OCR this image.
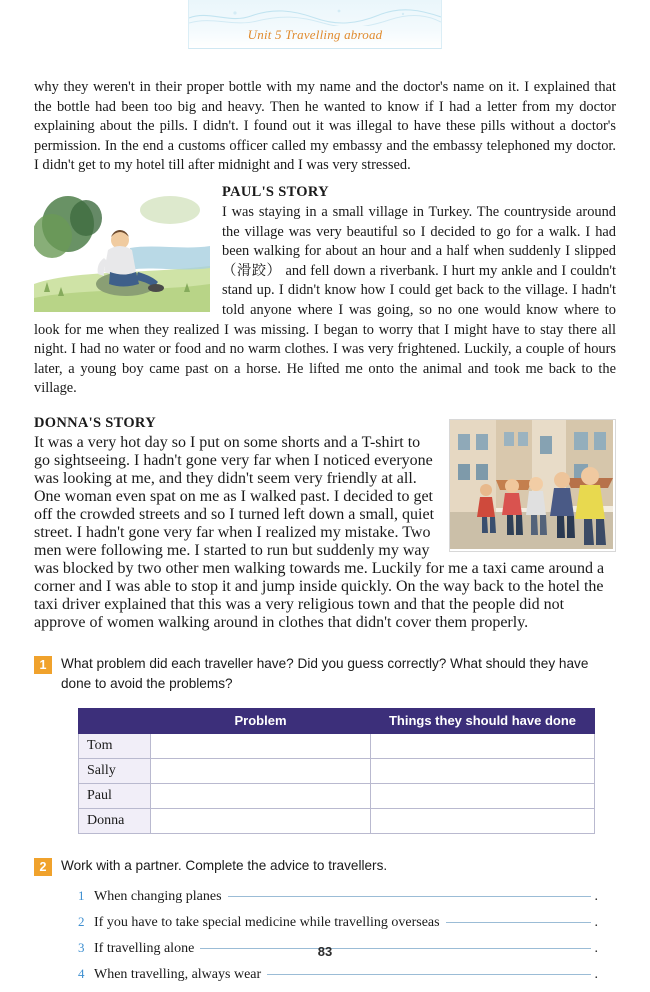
Unit 5 Travelling abroad

why they weren't in their proper bottle with my name and the doctor's name on it. I explained that the bottle had been too big and heavy. Then he wanted to know if I had a letter from my doctor explaining about the pills. I didn't. I found out it was illegal to have these pills without a doctor's permission. In the end a customs officer called my embassy and the embassy telephoned my doctor. I didn't get to my hotel till after midnight and I was very stressed.

PAUL'S STORY
I was staying in a small village in Turkey. The countryside around the village was very beautiful so I decided to go for a walk. I had been walking for about an hour and a half when suddenly I slipped （滑跤） and fell down a riverbank. I hurt my ankle and I couldn't stand up. I didn't know how I could get back to the village. I hadn't told anyone where I was going, so no one would know where to look for me when they realized I was missing. I began to worry that I might have to stay there all night. I had no water or food and no warm clothes. I was very frightened. Luckily, a couple of hours later, a young boy came past on a horse. He lifted me onto the animal and took me back to the village.
DONNA'S STORY
It was a very hot day so I put on some shorts and a T-shirt to go sightseeing. I hadn't gone very far when I noticed everyone was looking at me, and they didn't seem very friendly at all. One woman even spat on me as I walked past. I decided to get off the crowded streets and so I turned left down a small, quiet street. I hadn't gone very far when I realized my mistake. Two men were following me. I started to run but suddenly my way was blocked by two other men walking towards me. Luckily for me a taxi came around a corner and I was able to stop it and jump inside quickly. On the way back to the hotel the taxi driver explained that this was a very religious town and that the people did not approve of women walking around in clothes that didn't cover them properly.
1	What problem did each traveller have? Did you guess correctly? What should they have done to avoid the problems?
	Problem	Things they should have done
Tom		
Sally		
Paul		
Donna		
2	Work with a partner. Complete the advice to travellers.
1 When changing planes	.
2 If you have to take special medicine while travelling overseas	.
3 If travelling alone	.
4 When travelling, always wear	.
83
